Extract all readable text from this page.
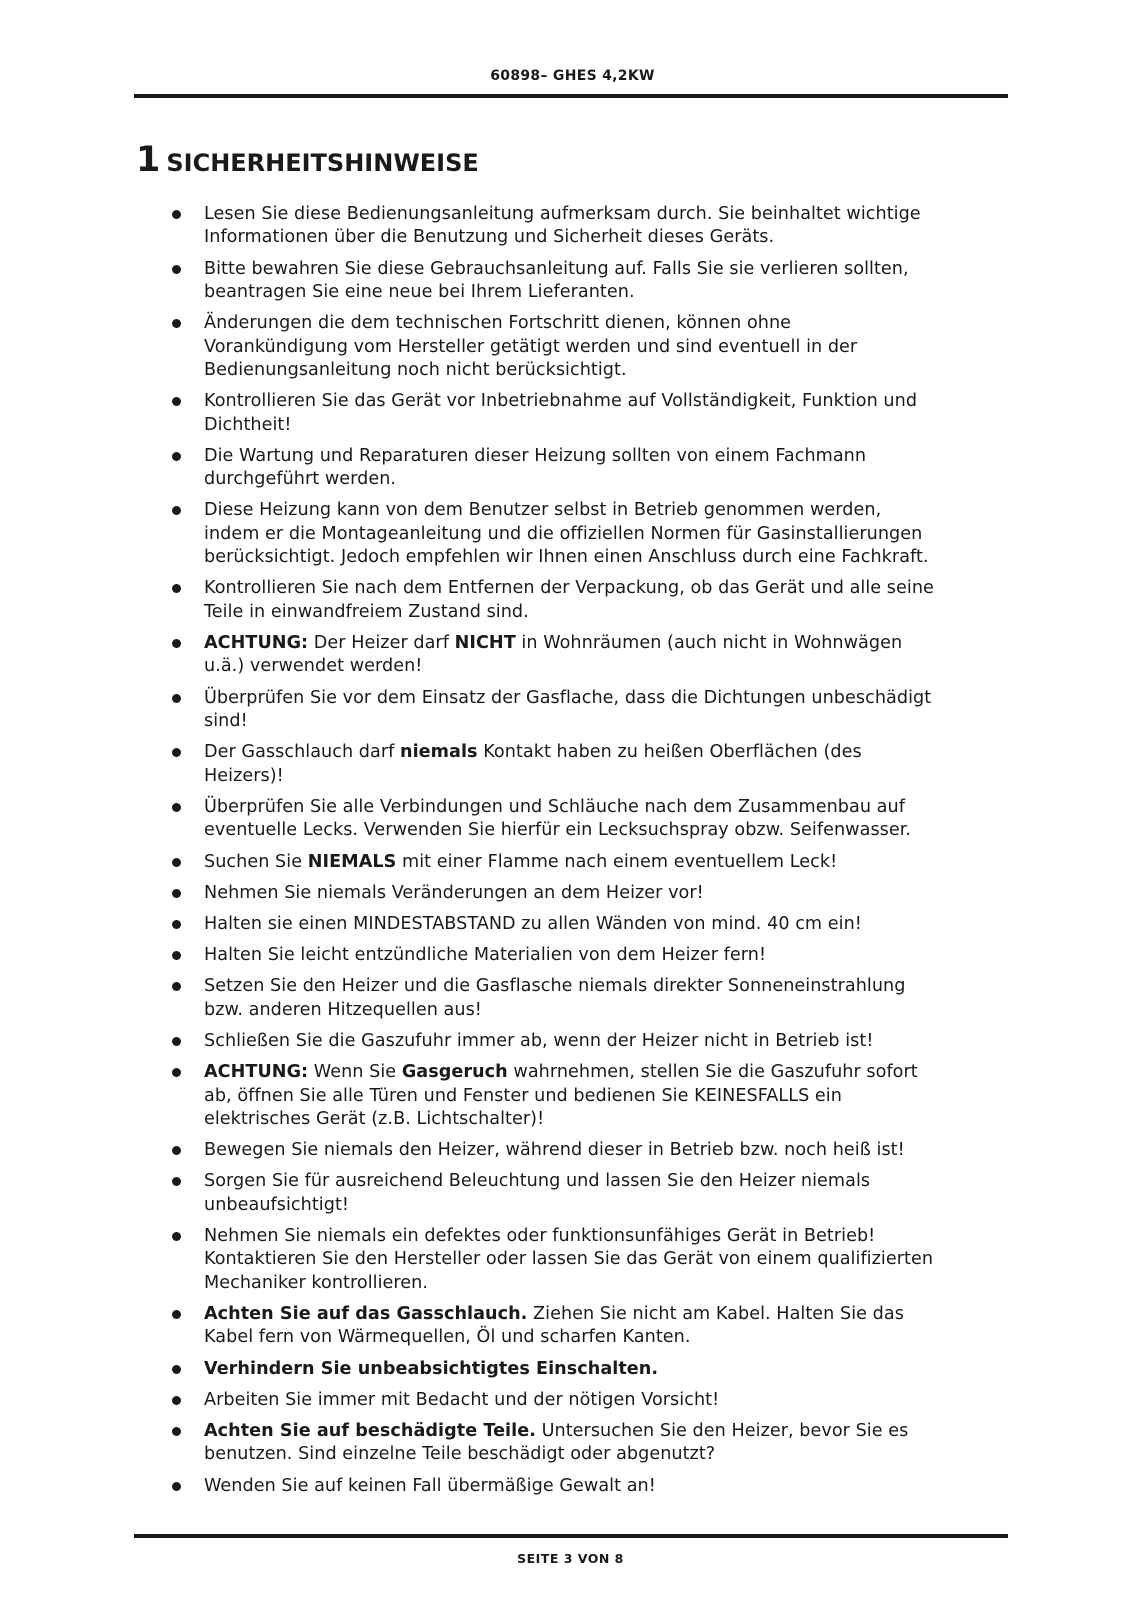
60898– GHES 4,2KW
1 SICHERHEITSHINWEISE
Lesen Sie diese Bedienungsanleitung aufmerksam durch. Sie beinhaltet wichtige
Informationen über die Benutzung und Sicherheit dieses Geräts.
Bitte bewahren Sie diese Gebrauchsanleitung auf. Falls Sie sie verlieren sollten,
beantragen Sie eine neue bei Ihrem Lieferanten.
Änderungen die dem technischen Fortschritt dienen, können ohne
Vorankündigung vom Hersteller getätigt werden und sind eventuell in der
Bedienungsanleitung noch nicht berücksichtigt.
Kontrollieren Sie das Gerät vor Inbetriebnahme auf Vollständigkeit, Funktion und
Dichtheit!
Die Wartung und Reparaturen dieser Heizung sollten von einem Fachmann
durchgeführt werden.
Diese Heizung kann von dem Benutzer selbst in Betrieb genommen werden,
indem er die Montageanleitung und die offiziellen Normen für Gasinstallierungen
berücksichtigt. Jedoch empfehlen wir Ihnen einen Anschluss durch eine Fachkraft.
Kontrollieren Sie nach dem Entfernen der Verpackung, ob das Gerät und alle seine
Teile in einwandfreiem Zustand sind.
ACHTUNG: Der Heizer darf NICHT in Wohnräumen (auch nicht in Wohnwägen
u.ä.) verwendet werden!
Überprüfen Sie vor dem Einsatz der Gasflache, dass die Dichtungen unbeschädigt
sind!
Der Gasschlauch darf niemals Kontakt haben zu heißen Oberflächen (des
Heizers)!
Überprüfen Sie alle Verbindungen und Schläuche nach dem Zusammenbau auf
eventuelle Lecks. Verwenden Sie hierfür ein Lecksuchspray obzw. Seifenwasser.
Suchen Sie NIEMALS mit einer Flamme nach einem eventuellem Leck!
Nehmen Sie niemals Veränderungen an dem Heizer vor!
Halten sie einen MINDESTABSTAND zu allen Wänden von mind. 40 cm ein!
Halten Sie leicht entzündliche Materialien von dem Heizer fern!
Setzen Sie den Heizer und die Gasflasche niemals direkter Sonneneinstrahlung
bzw. anderen Hitzequellen aus!
Schließen Sie die Gaszufuhr immer ab, wenn der Heizer nicht in Betrieb ist!
ACHTUNG: Wenn Sie Gasgeruch wahrnehmen, stellen Sie die Gaszufuhr sofort
ab, öffnen Sie alle Türen und Fenster und bedienen Sie KEINESFALLS ein
elektrisches Gerät (z.B. Lichtschalter)!
Bewegen Sie niemals den Heizer, während dieser in Betrieb bzw. noch heiß ist!
Sorgen Sie für ausreichend Beleuchtung und lassen Sie den Heizer niemals
unbeaufsichtigt!
Nehmen Sie niemals ein defektes oder funktionsunfähiges Gerät in Betrieb!
Kontaktieren Sie den Hersteller oder lassen Sie das Gerät von einem qualifizierten
Mechaniker kontrollieren.
Achten Sie auf das Gasschlauch. Ziehen Sie nicht am Kabel. Halten Sie das
Kabel fern von Wärmequellen, Öl und scharfen Kanten.
Verhindern Sie unbeabsichtigtes Einschalten.
Arbeiten Sie immer mit Bedacht und der nötigen Vorsicht!
Achten Sie auf beschädigte Teile. Untersuchen Sie den Heizer, bevor Sie es
benutzen. Sind einzelne Teile beschädigt oder abgenutzt?
Wenden Sie auf keinen Fall übermäßige Gewalt an!
SEITE 3 VON 8
